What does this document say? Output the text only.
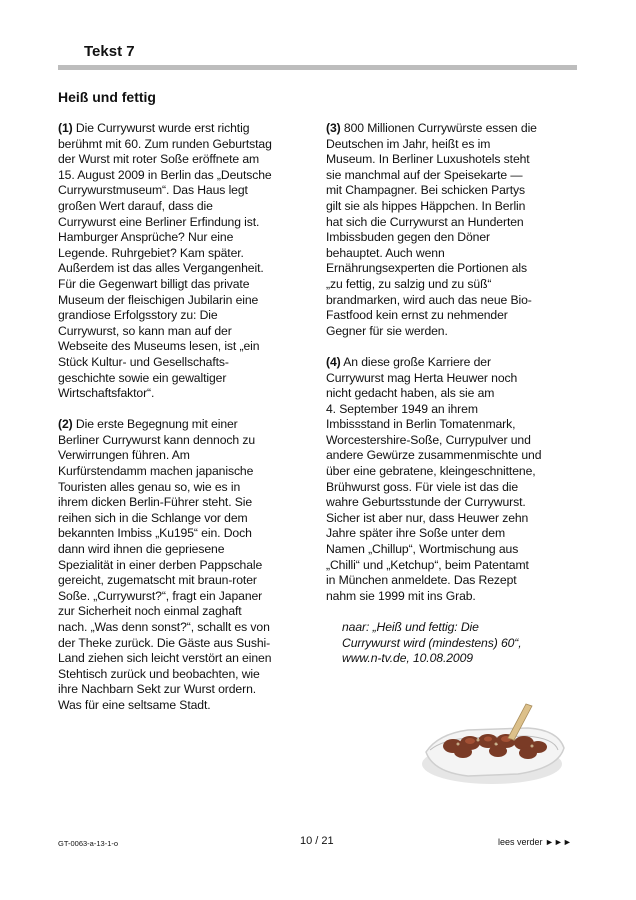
Tekst 7
Heiß und fettig
(1) Die Currywurst wurde erst richtig
berühmt mit 60. Zum runden Geburtstag
der Wurst mit roter Soße eröffnete am
15. August 2009 in Berlin das „Deutsche
Currywurstmuseum“. Das Haus legt
großen Wert darauf, dass die
Currywurst eine Berliner Erfindung ist.
Hamburger Ansprüche? Nur eine
Legende. Ruhrgebiet? Kam später.
Außerdem ist das alles Vergangenheit.
Für die Gegenwart billigt das private
Museum der fleischigen Jubilarin eine
grandiose Erfolgsstory zu: Die
Currywurst, so kann man auf der
Webseite des Museums lesen, ist „ein
Stück Kultur- und Gesellschafts-
geschichte sowie ein gewaltiger
Wirtschaftsfaktor“.
(2) Die erste Begegnung mit einer
Berliner Currywurst kann dennoch zu
Verwirrungen führen. Am
Kurfürstendamm machen japanische
Touristen alles genau so, wie es in
ihrem dicken Berlin-Führer steht. Sie
reihen sich in die Schlange vor dem
bekannten Imbiss „Ku195“ ein. Doch
dann wird ihnen die gepriesene
Spezialität in einer derben Pappschale
gereicht, zugematscht mit braun-roter
Soße. „Currywurst?“, fragt ein Japaner
zur Sicherheit noch einmal zaghaft
nach. „Was denn sonst?“, schallt es von
der Theke zurück. Die Gäste aus Sushi-
Land ziehen sich leicht verstört an einen
Stehtisch zurück und beobachten, wie
ihre Nachbarn Sekt zur Wurst ordern.
Was für eine seltsame Stadt.
(3) 800 Millionen Currywürste essen die
Deutschen im Jahr, heißt es im
Museum. In Berliner Luxushotels steht
sie manchmal auf der Speisekarte —
mit Champagner. Bei schicken Partys
gilt sie als hippes Häppchen. In Berlin
hat sich die Currywurst an Hunderten
Imbissbuden gegen den Döner
behauptet. Auch wenn
Ernährungsexperten die Portionen als
„zu fettig, zu salzig und zu süß“
brandmarken, wird auch das neue Bio-
Fastfood kein ernst zu nehmender
Gegner für sie werden.
(4) An diese große Karriere der
Currywurst mag Herta Heuwer noch
nicht gedacht haben, als sie am
4. September 1949 an ihrem
Imbissstand in Berlin Tomatenmark,
Worcestershire-Soße, Currypulver und
andere Gewürze zusammenmischte und
über eine gebratene, kleingeschnittene,
Brühwurst goss. Für viele ist das die
wahre Geburtsstunde der Currywurst.
Sicher ist aber nur, dass Heuwer zehn
Jahre später ihre Soße unter dem
Namen „Chillup“, Wortmischung aus
„Chilli“ und „Ketchup“, beim Patentamt
in München anmeldete. Das Rezept
nahm sie 1999 mit ins Grab.
naar: „Heiß und fettig: Die
Currywurst wird (mindestens) 60“,
www.n-tv.de, 10.08.2009
GT-0063-a-13-1-o	10 / 21	lees verder ►►►
